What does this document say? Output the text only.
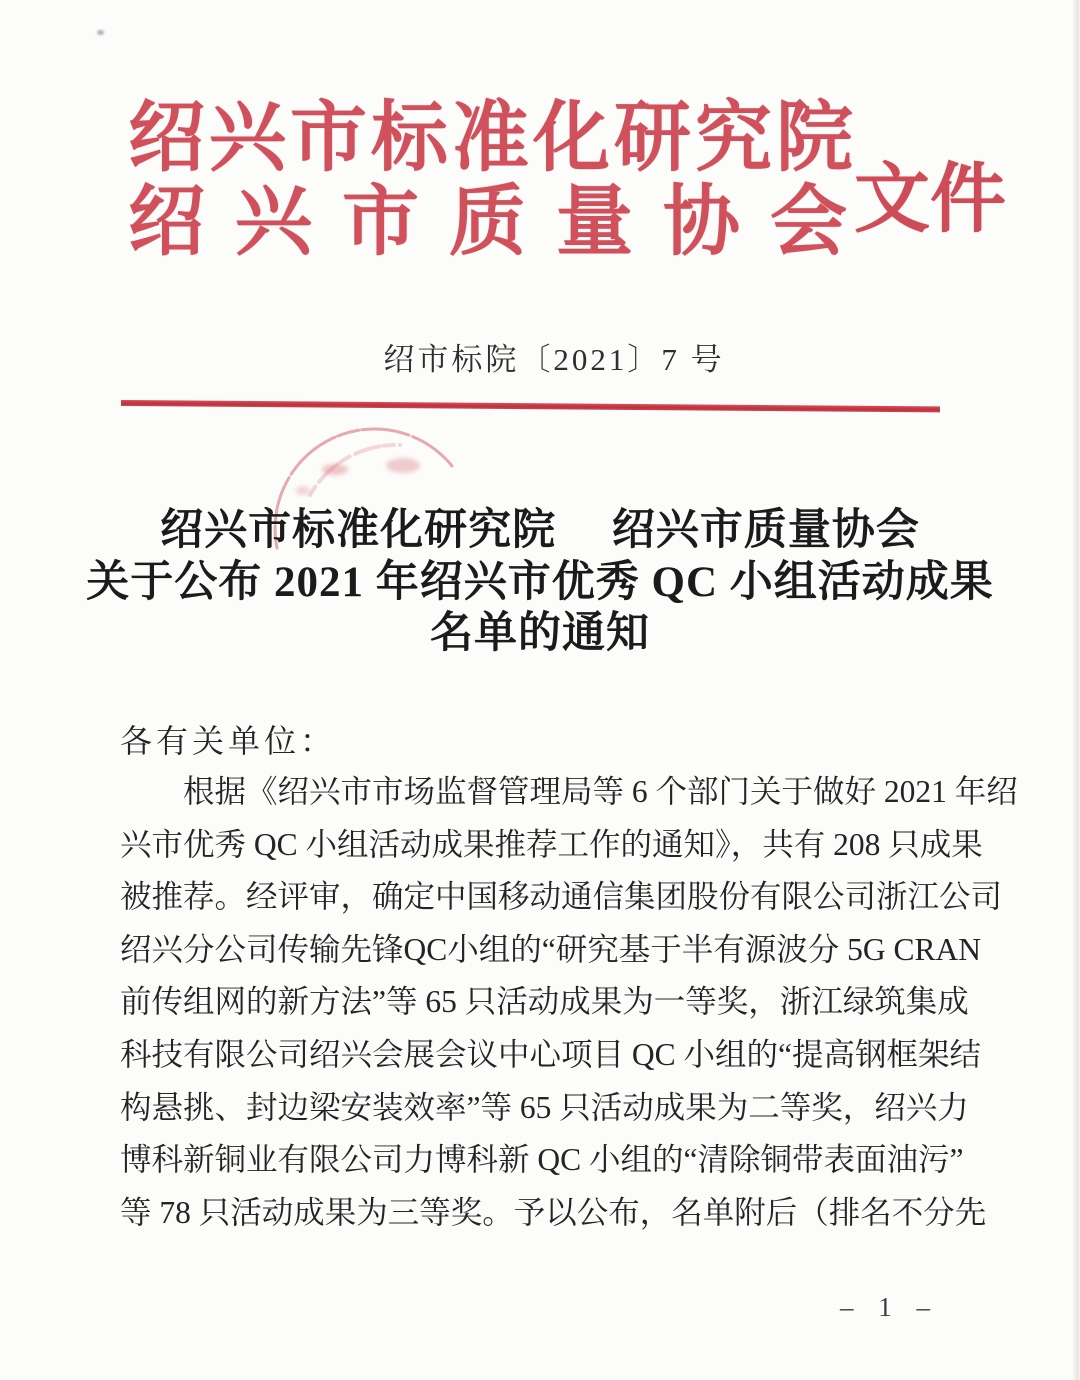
绍兴市标准化研究院
绍兴市质量协会
文件
绍市标院〔2021〕7 号
绍兴市标准化研究院　 绍兴市质量协会
关于公布 2021 年绍兴市优秀 QC 小组活动成果
名单的通知
各有关单位：
　　根据《绍兴市市场监督管理局等 6 个部门关于做好 2021 年绍
兴市优秀 QC 小组活动成果推荐工作的通知》，共有 208 只成果
被推荐。经评审，确定中国移动通信集团股份有限公司浙江公司
绍兴分公司传输先锋QC小组的“研究基于半有源波分 5G CRAN
前传组网的新方法”等 65 只活动成果为一等奖，浙江绿筑集成
科技有限公司绍兴会展会议中心项目 QC 小组的“提高钢框架结
构悬挑、封边梁安装效率”等 65 只活动成果为二等奖，绍兴力
博科新铜业有限公司力博科新 QC 小组的“清除铜带表面油污”
等 78 只活动成果为三等奖。予以公布，名单附后（排名不分先
– 1 –
